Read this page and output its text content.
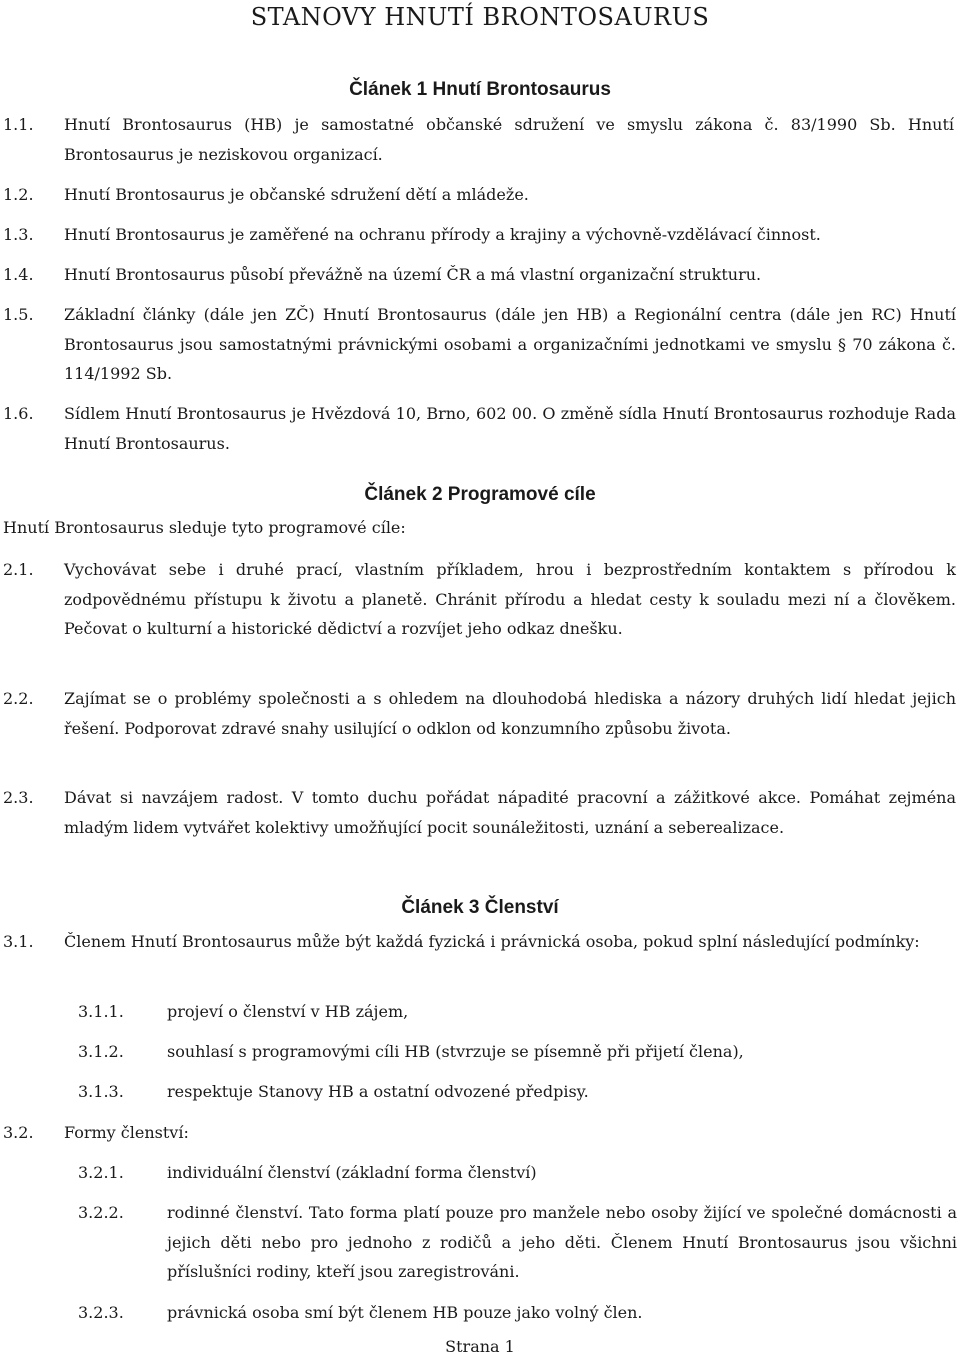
STANOVY HNUTÍ BRONTOSAURUS
Článek 1 Hnutí Brontosaurus
1.1. Hnutí Brontosaurus (HB) je samostatné občanské sdružení ve smyslu zákona č. 83/1990 Sb. Hnutí Brontosaurus je neziskovou organizací.
1.2. Hnutí Brontosaurus je občanské sdružení dětí a mládeže.
1.3. Hnutí Brontosaurus je zaměřené na ochranu přírody a krajiny a výchovně-vzdělávací činnost.
1.4. Hnutí Brontosaurus působí převážně na území ČR a má vlastní organizační strukturu.
1.5. Základní články (dále jen ZČ) Hnutí Brontosaurus (dále jen HB) a Regionální centra (dále jen RC) Hnutí Brontosaurus jsou samostatnými právnickými osobami a organizačními jednotkami ve smyslu § 70 zákona č. 114/1992 Sb.
1.6. Sídlem Hnutí Brontosaurus je Hvězdová 10, Brno, 602 00. O změně sídla Hnutí Brontosaurus rozhoduje Rada Hnutí Brontosaurus.
Článek 2 Programové cíle
Hnutí Brontosaurus sleduje tyto programové cíle:
2.1. Vychovávat sebe i druhé prací, vlastním příkladem, hrou i bezprostředním kontaktem s přírodou k zodpovědnému přístupu k životu a planetě. Chránit přírodu a hledat cesty k souladu mezi ní a člověkem. Pečovat o kulturní a historické dědictví a rozvíjet jeho odkaz dnešku.
2.2. Zajímat se o problémy společnosti a s ohledem na dlouhodobá hlediska a názory druhých lidí hledat jejich řešení. Podporovat zdravé snahy usilující o odklon od konzumního způsobu života.
2.3. Dávat si navzájem radost. V tomto duchu pořádat nápadité pracovní a zážitkové akce. Pomáhat zejména mladým lidem vytvářet kolektivy umožňující pocit sounáležitosti, uznání a seberealizace.
Článek 3 Členství
3.1. Členem Hnutí Brontosaurus může být každá fyzická i právnická osoba, pokud splní následující podmínky:
3.1.1.	projeví o členství v HB zájem,
3.1.2.	souhlasí s programovými cíli HB (stvrzuje se písemně při přijetí člena),
3.1.3.	respektuje Stanovy HB a ostatní odvozené předpisy.
3.2. Formy členství:
3.2.1.	individuální členství (základní forma členství)
3.2.2.	rodinné členství. Tato forma platí pouze pro manžele nebo osoby žijící ve společné domácnosti a jejich děti nebo pro jednoho z rodičů a jeho děti. Členem Hnutí Brontosaurus jsou všichni příslušníci rodiny, kteří jsou zaregistrováni.
3.2.3.	právnická osoba smí být členem HB pouze jako volný člen.
Strana 1
